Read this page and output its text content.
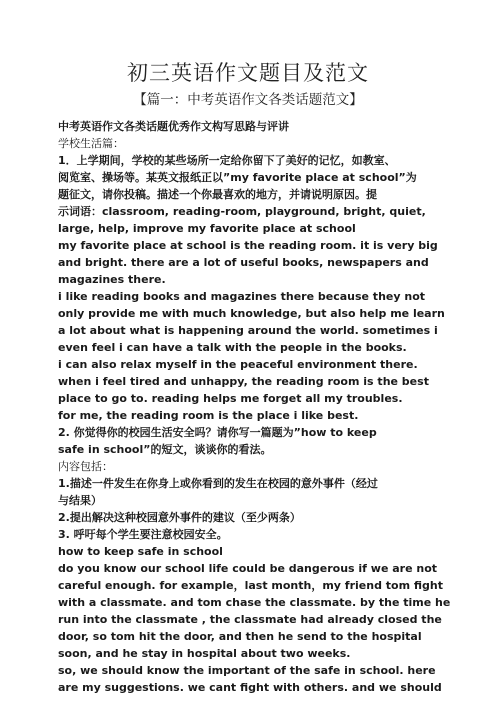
初三英语作文题目及范文
【篇一：中考英语作文各类话题范文】
中考英语作文各类话题优秀作文构写思路与评讲
学校生活篇：
1．上学期间，学校的某些场所一定给你留下了美好的记忆，如教室、
阅览室、操场等。某英文报纸正以”my favorite place at school”为
题征文，请你投稿。描述一个你最喜欢的地方，并请说明原因。提
示词语：classroom, reading-room, playground, bright, quiet,
large, help, improve my favorite place at school
my favorite place at school is the reading room. it is very big
and bright. there are a lot of useful books, newspapers and
magazines there.
i like reading books and magazines there because they not
only provide me with much knowledge, but also help me learn
a lot about what is happening around the world. sometimes i
even feel i can have a talk with the people in the books.
i can also relax myself in the peaceful environment there.
when i feel tired and unhappy, the reading room is the best
place to go to. reading helps me forget all my troubles.
for me, the reading room is the place i like best.
2. 你觉得你的校园生活安全吗？请你写一篇题为”how to keep
safe in school”的短文，谈谈你的看法。
内容包括：
1.描述一件发生在你身上或你看到的发生在校园的意外事件（经过
与结果）
2.提出解决这种校园意外事件的建议（至少两条）
3. 呼吁每个学生要注意校园安全。
how to keep safe in school
do you know our school life could be dangerous if we are not
careful enough. for example，last month，my friend tom fight
with a classmate. and tom chase the classmate. by the time he
run into the classmate , the classmate had already closed the
door, so tom hit the door, and then he send to the hospital
soon, and he stay in hospital about two weeks.
so, we should know the important of the safe in school. here
are my suggestions. we cant fight with others. and we should
